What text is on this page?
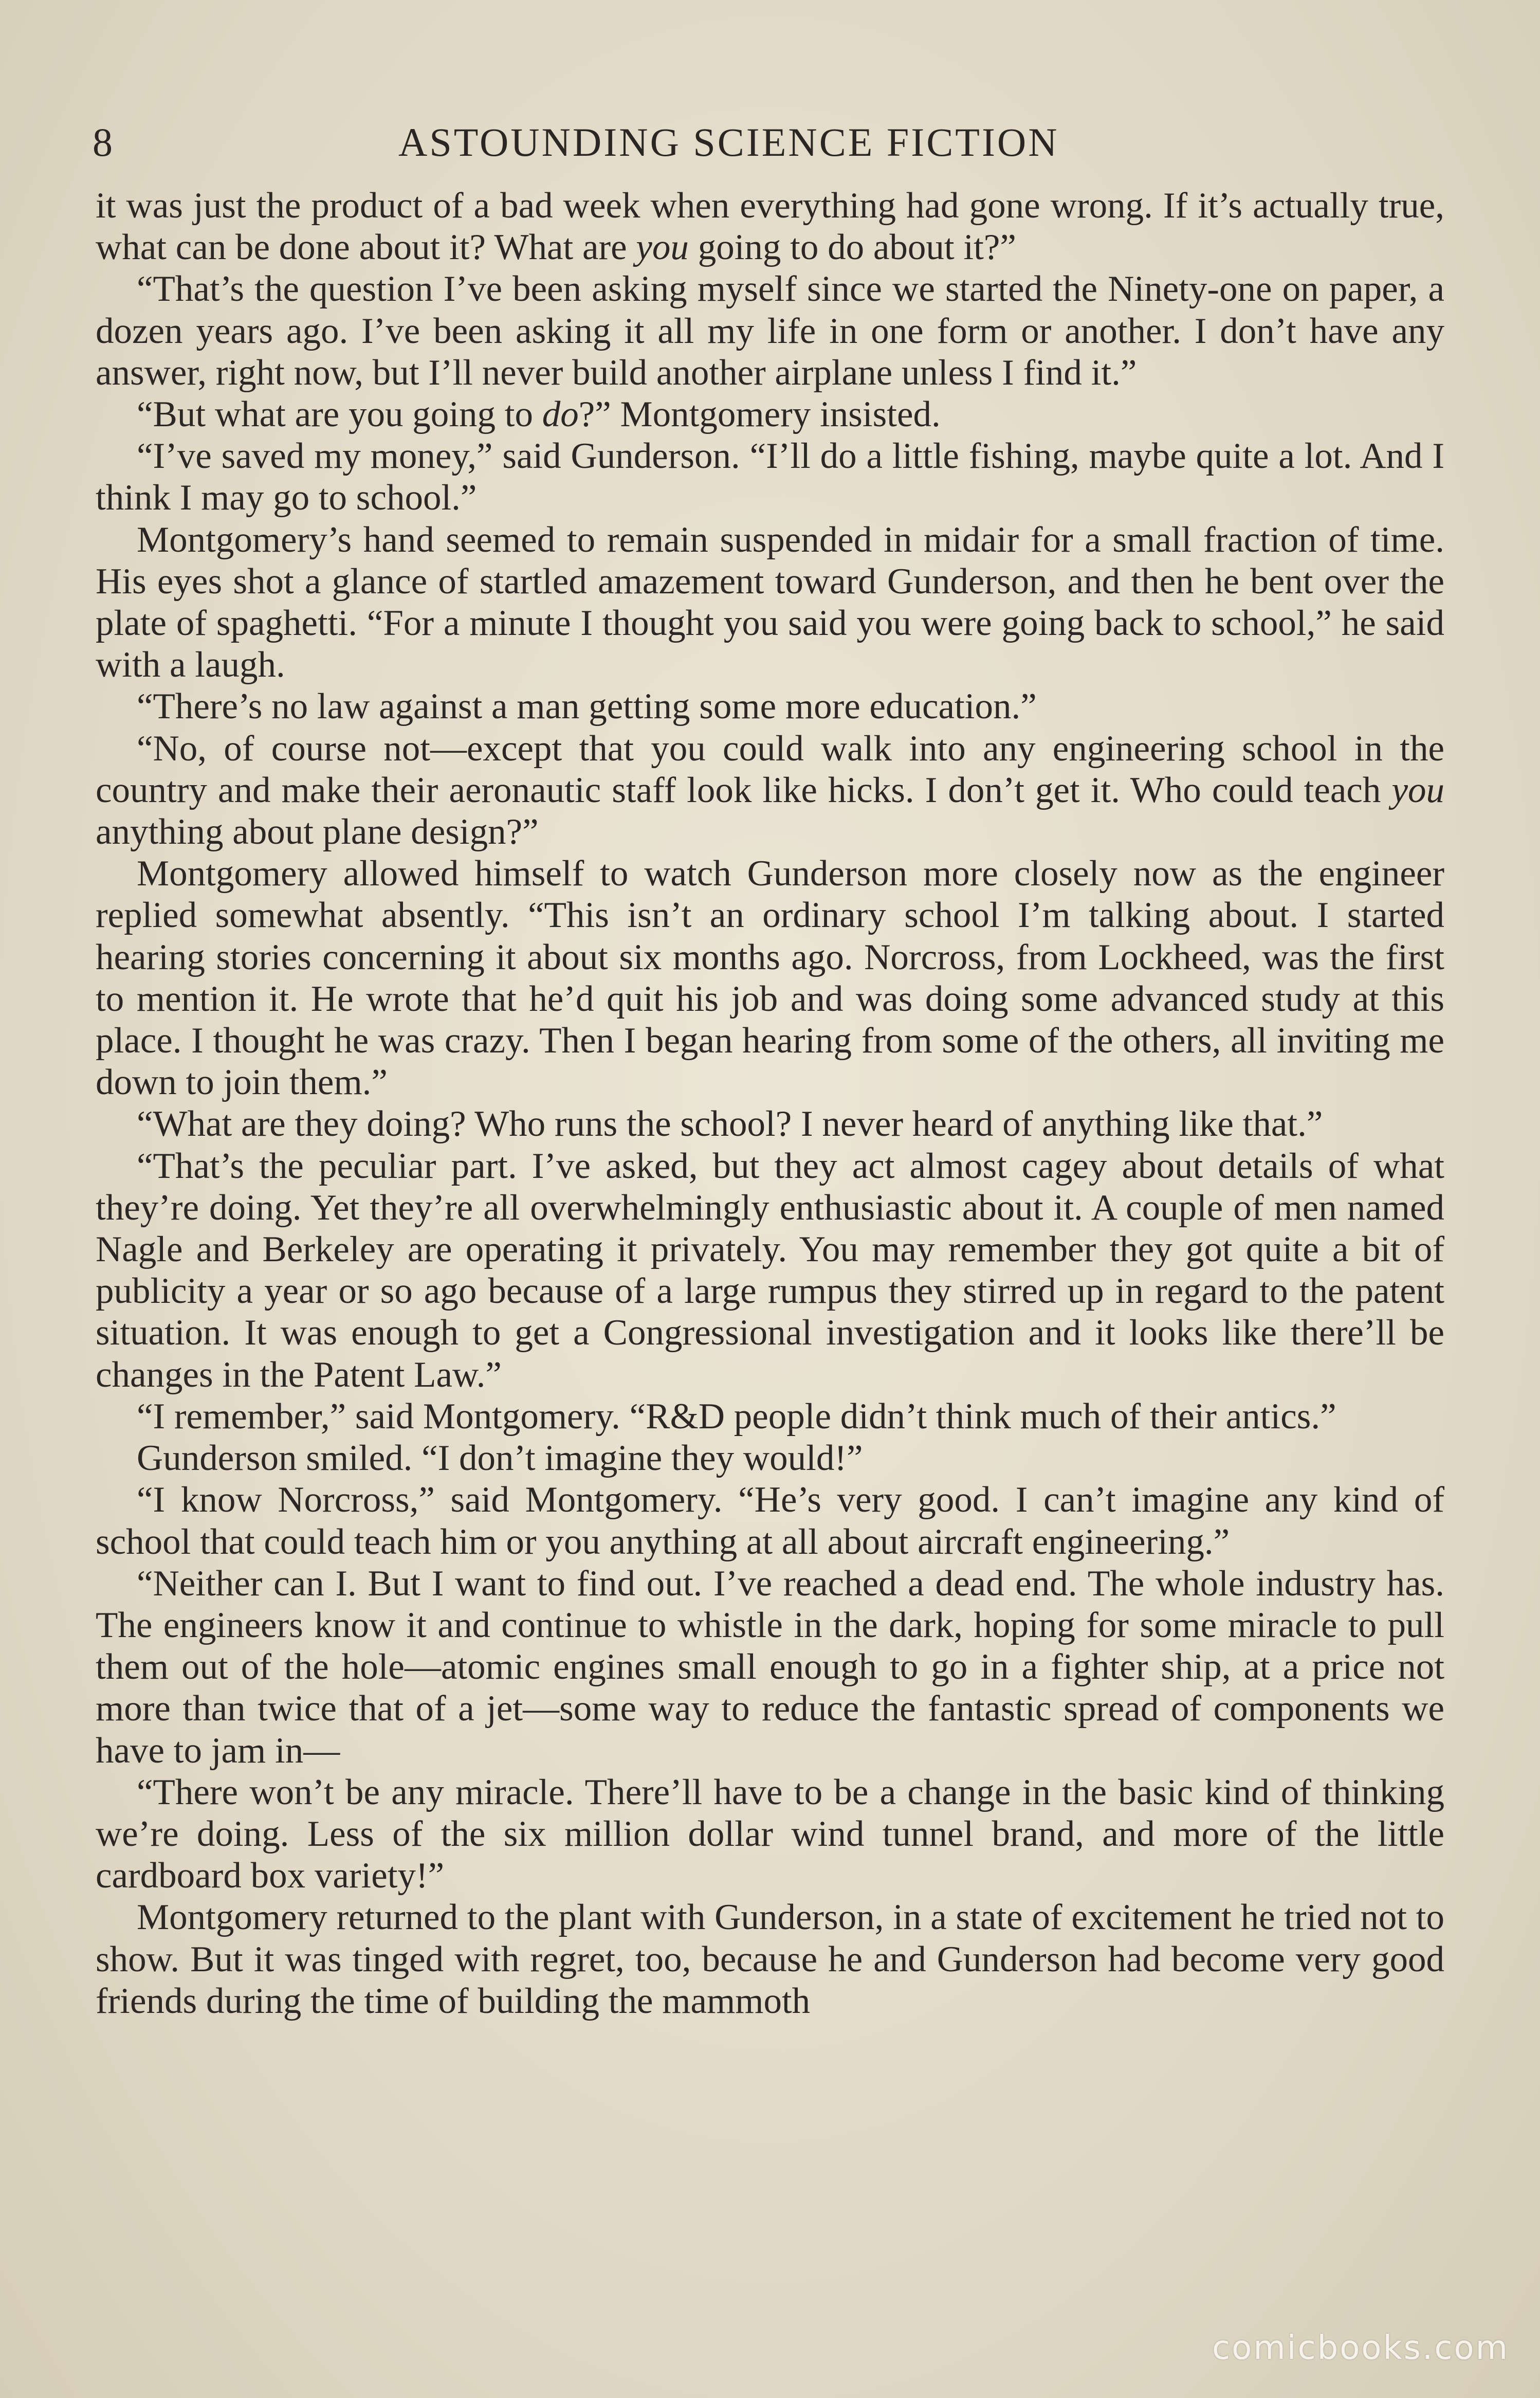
8	ASTOUNDING SCIENCE FICTION

it was just the product of a bad week when everything had gone wrong. If it’s actually true, what can be done about it? What are you going to do about it?”

“That’s the question I’ve been asking myself since we started the Ninety-one on paper, a dozen years ago. I’ve been asking it all my life in one form or another. I don’t have any answer, right now, but I’ll never build another airplane unless I find it.”

“But what are you going to do?” Montgomery insisted.

“I’ve saved my money,” said Gunderson. “I’ll do a little fishing, maybe quite a lot. And I think I may go to school.”

Montgomery’s hand seemed to remain suspended in midair for a small fraction of time. His eyes shot a glance of startled amazement toward Gunderson, and then he bent over the plate of spaghetti. “For a minute I thought you said you were going back to school,” he said with a laugh.

“There’s no law against a man getting some more education.”

“No, of course not—except that you could walk into any engineering school in the country and make their aeronautic staff look like hicks. I don’t get it. Who could teach you anything about plane design?”

Montgomery allowed himself to watch Gunderson more closely now as the engineer replied somewhat absently. “This isn’t an ordinary school I’m talking about. I started hearing stories concerning it about six months ago. Norcross, from Lockheed, was the first to mention it. He wrote that he’d quit his job and was doing some advanced study at this place. I thought he was crazy. Then I began hearing from some of the others, all inviting me down to join them.”

“What are they doing? Who runs the school? I never heard of anything like that.”

“That’s the peculiar part. I’ve asked, but they act almost cagey about details of what they’re doing. Yet they’re all overwhelmingly enthusiastic about it. A couple of men named Nagle and Berkeley are operating it privately. You may remember they got quite a bit of publicity a year or so ago because of a large rumpus they stirred up in regard to the patent situation. It was enough to get a Congressional investigation and it looks like there’ll be changes in the Patent Law.”

“I remember,” said Montgomery. “R&D people didn’t think much of their antics.”

Gunderson smiled. “I don’t imagine they would!”

“I know Norcross,” said Montgomery. “He’s very good. I can’t imagine any kind of school that could teach him or you anything at all about aircraft engineering.”

“Neither can I. But I want to find out. I’ve reached a dead end. The whole industry has. The engineers know it and continue to whistle in the dark, hoping for some miracle to pull them out of the hole—atomic engines small enough to go in a fighter ship, at a price not more than twice that of a jet—some way to reduce the fantastic spread of components we have to jam in—

“There won’t be any miracle. There’ll have to be a change in the basic kind of thinking we’re doing. Less of the six million dollar wind tunnel brand, and more of the little cardboard box variety!”

Montgomery returned to the plant with Gunderson, in a state of excitement he tried not to show. But it was tinged with regret, too, because he and Gunderson had become very good friends during the time of building the mammoth

comicbooks.com
